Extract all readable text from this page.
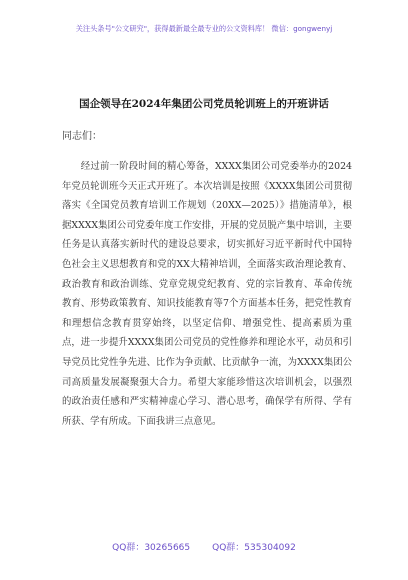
关注头条号"公文研究"，获得最新最全最专业的公文资料库！ 微信：gongwenyj
国企领导在2024年集团公司党员轮训班上的开班讲话
同志们：

经过前一阶段时间的精心筹备，XXXX集团公司党委举办的2024年党员轮训班今天正式开班了。本次培训是按照《XXXX集团公司贯彻落实《全国党员教育培训工作规划（20XX—2025）》措施清单》，根据XXXX集团公司党委年度工作安排，开展的党员脱产集中培训，主要任务是认真落实新时代的建设总要求，切实抓好习近平新时代中国特色社会主义思想教育和党的XX大精神培训，全面落实政治理论教育、政治教育和政治训练、党章党规党纪教育、党的宗旨教育、革命传统教育、形势政策教育、知识技能教育等7个方面基本任务，把党性教育和理想信念教育贯穿始终，以坚定信仰、增强党性、提高素质为重点，进一步提升XXXX集团公司党员的党性修养和理论水平，动员和引导党员比党性争先进、比作为争贡献、比贡献争一流，为XXXX集团公司高质量发展凝聚强大合力。希望大家能珍惜这次培训机会，以强烈的政治责任感和严实精神虚心学习、潜心思考，确保学有所得、学有所获、学有所成。下面我讲三点意见。

QQ群：30265665 QQ群：535304092
